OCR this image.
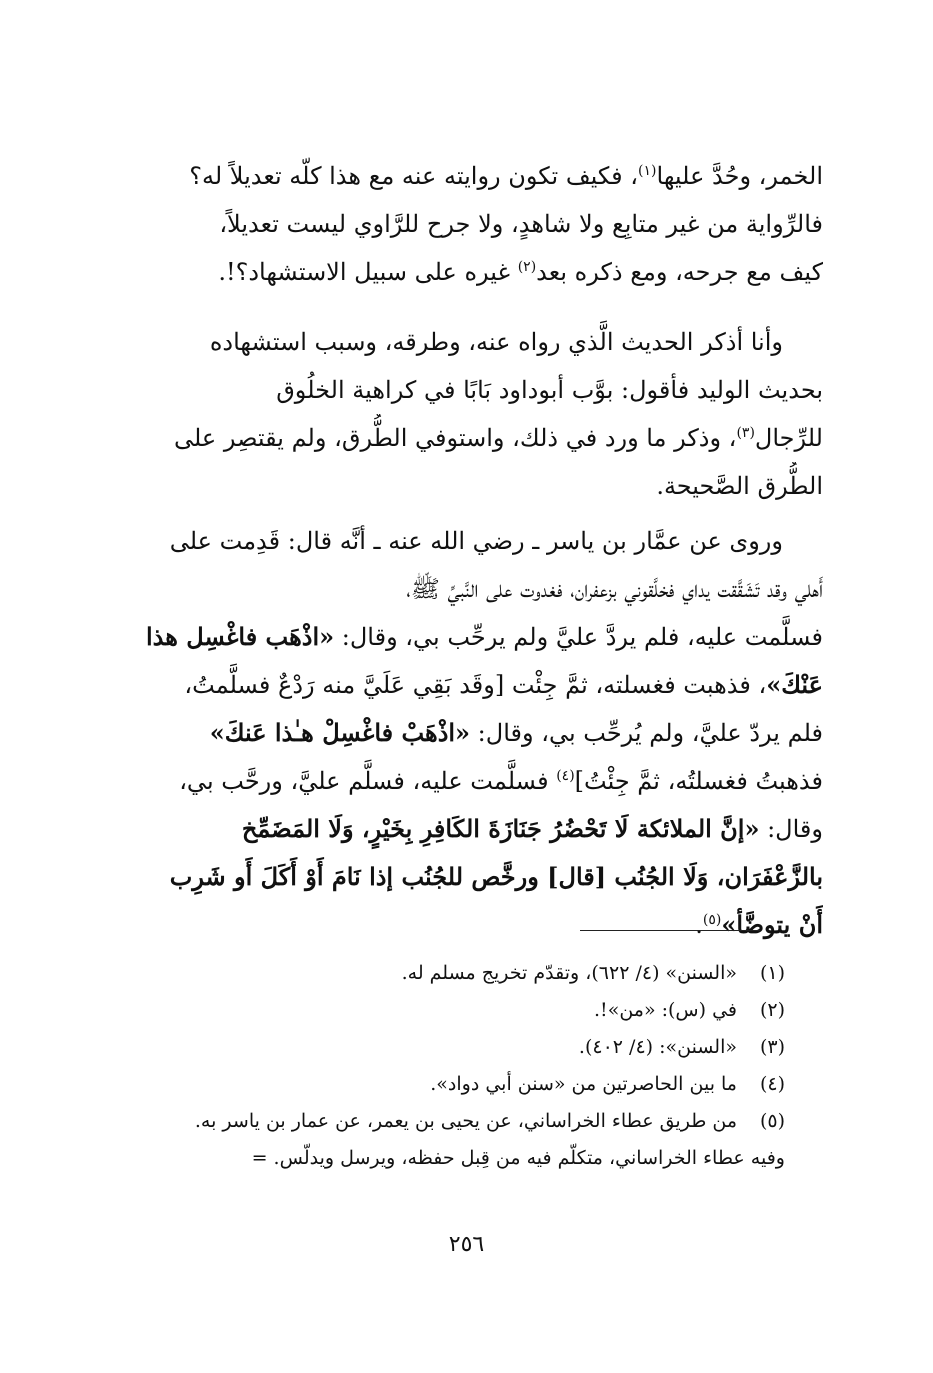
الخمر، وحُدَّ عليها$^{(١)}$، فكيف تكون روايته عنه مع هذا كلّه تعديلاً له؟
فالرِّواية من غير متابِع ولا شاهدٍ، ولا جرح للرَّاوي ليست تعديلاً،
كيف مع جرحه، ومع ذكره بعد$^{(٢)}$ غيره على سبيل الاستشهاد؟!.
وأنا أذكر الحديث الَّذي رواه عنه، وطرقه، وسبب استشهاده
بحديث الوليد فأقول: بوَّب أبوداود بَابًا في كراهية الخلُوق
للرِّجال$^{(٣)}$، وذكر ما ورد في ذلك، واستوفي الطُّرق، ولم يقتصِر على
الطُّرق الصَّحيحة.
وروى عن عمَّار بن ياسر ـ رضي الله عنه ـ أنَّه قال: قَدِمت على
أَهلي وقد تَشَقَّقت يداي فخلَّقوني بزعفران، فغدوت على النَّبيِّ ﷺ،
فسلَّمت عليه، فلم يردَّ عليَّ ولم يرحِّب بي، وقال: «اذْهَب فاغْسِل هذا
عَنْكَ»، فذهبت فغسلته، ثمَّ جِئْت [وقَد بَقِي عَلَيَّ منه رَدْعٌ فسلَّمتُ،
فلم يردّ عليَّ، ولم يُرحِّب بي، وقال: «اذْهَبْ فاغْسِلْ هـٰذا عَنكَ»
فذهبتُ فغسلتُه، ثمَّ جِئْتُ]$^{(٤)}$ فسلَّمت عليه، فسلَّم عليَّ، ورحَّب بي،
وقال: «إنَّ الملائكة لَا تَحْضُرُ جَنَازَةَ الكَافِرِ بِخَيْرٍ، وَلَا المَضَمِّخ
بالزَّعْفَرَان، وَلَا الجُنُب [قال] ورخَّص للجُنُب إذا نَامَ أَوْ أَكَلَ أَو شَرِب
أَنْ يتوضَّأ»$^{(٥)}$.
(١)
«السنن» (٤/ ٦٢٢)، وتقدّم تخريج مسلم له.
(٢)
في (س): «من»!.
(٣)
«السنن»: (٤/ ٤٠٢).
(٤)
ما بين الحاصرتين من «سنن أبي دواد».
(٥)
من طريق عطاء الخراساني، عن يحيى بن يعمر، عن عمار بن ياسر به.
وفيه عطاء الخراساني، متكلّم فيه من قِبل حفظه، ويرسل ويدلّس. =
٢٥٦
